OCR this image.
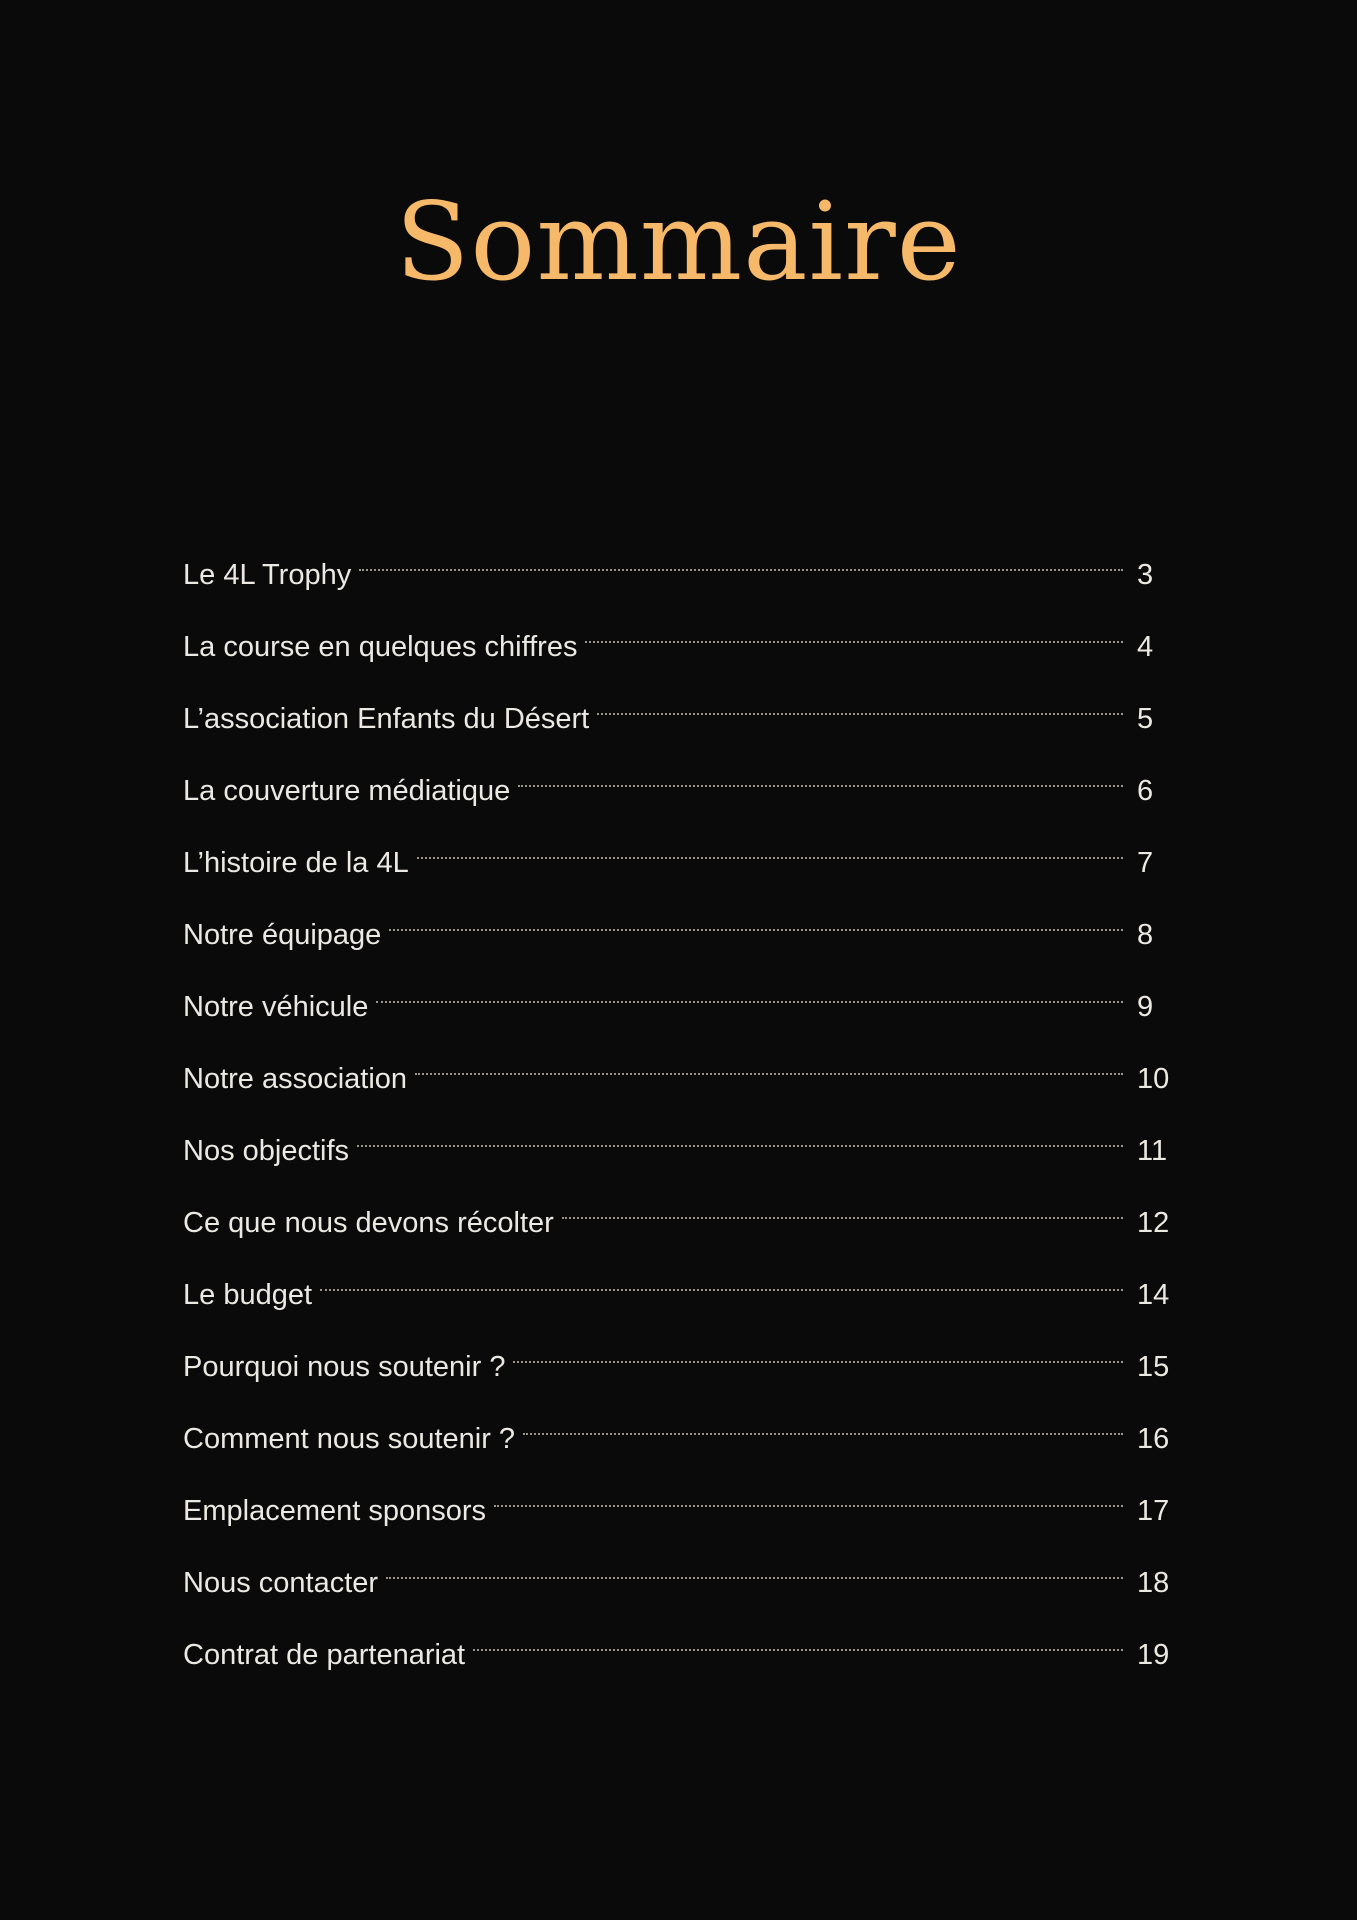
Sommaire
Le 4L Trophy	3
La course en quelques chiffres	4
L’association Enfants du Désert	5
La couverture médiatique	6
L’histoire de la 4L	7
Notre équipage	8
Notre véhicule	9
Notre association	10
Nos objectifs	11
Ce que nous devons récolter	12
Le budget	14
Pourquoi nous soutenir ?	15
Comment nous soutenir ?	16
Emplacement sponsors	17
Nous contacter	18
Contrat de partenariat	19
